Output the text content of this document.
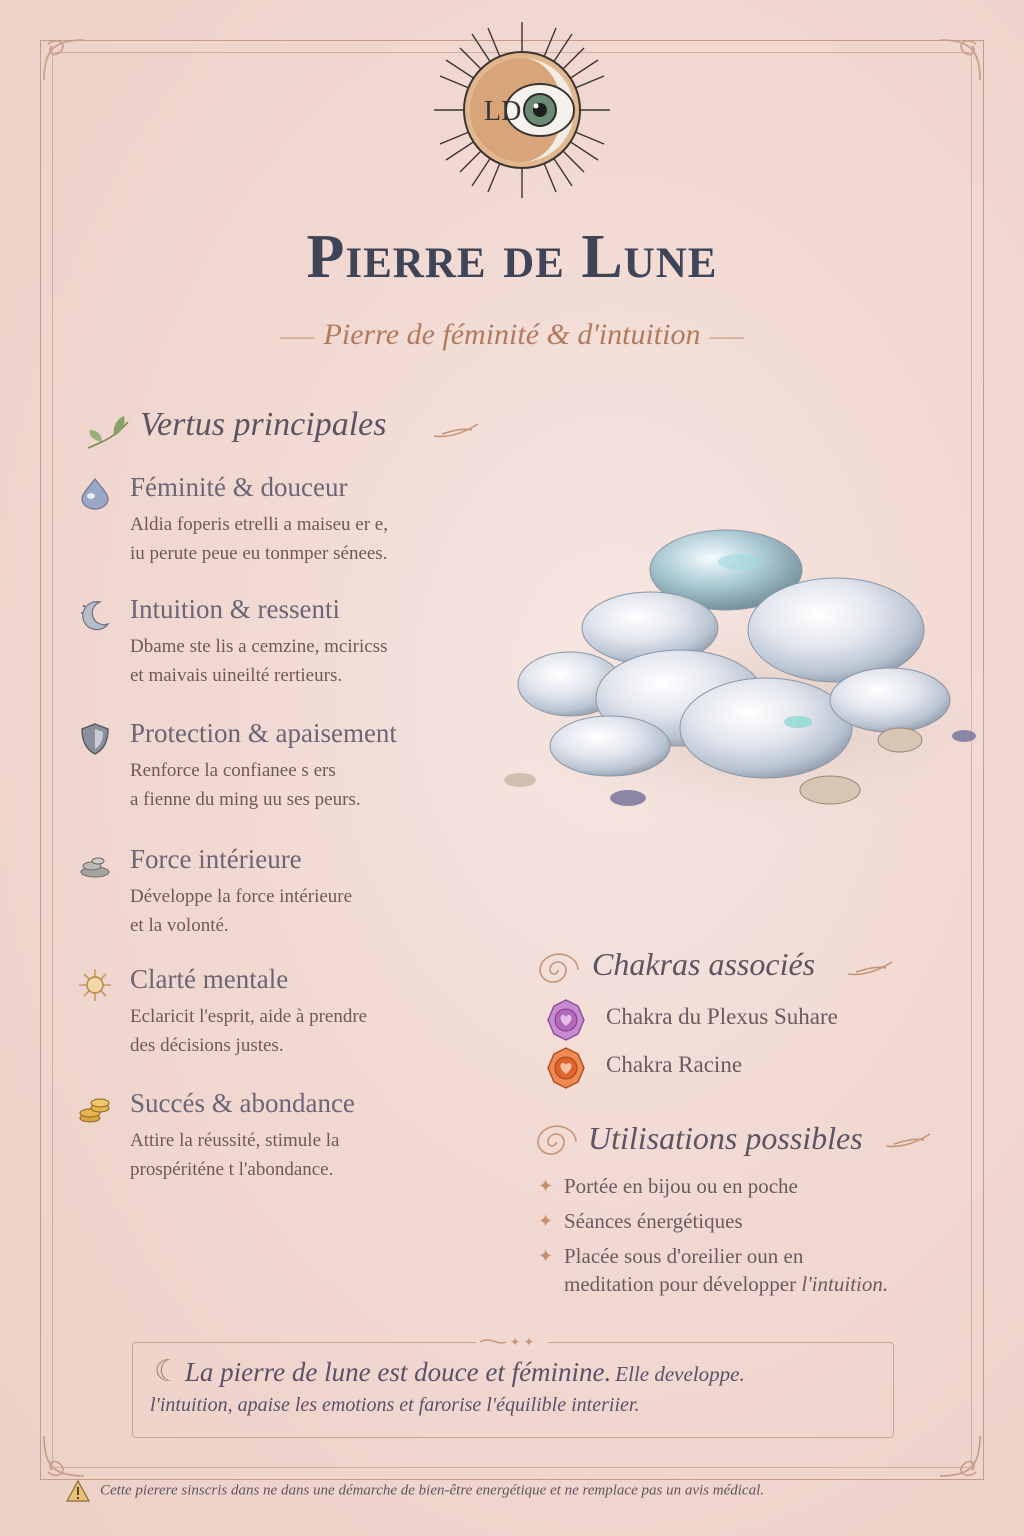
LD
Pierre de Lune
⸺ Pierre de féminité & d'intuition ⸺
Vertus principales
Féminité & douceur
Aldia foperis etrelli a maiseu er e,
iu perute peue eu tonmper sénees.
Intuition & ressenti
Dbame ste lis a cemzine, mciricss
et maivais uineilté rertieurs.
Protection & apaisement
Renforce la confianee s ers
a fienne du ming uu ses peurs.
Force intérieure
Développe la force intérieure
et la volonté.
Clarté mentale
Eclaricit l'esprit, aide à prendre
des décisions justes.
Succés & abondance
Attire la réussité, stimule la
prospériténe t l'abondance.
Chakras associés
Chakra du Plexus Suhare
Chakra Racine
Utilisations possibles
✦ Portée en bijou ou en poche
✦ Séances énergétiques
✦ Placée sous d'oreilier oun en
meditation pour développer l'intuition.
✦ ✦
☾ La pierre de lune est douce et féminine. Elle developpe.
l'intuition, apaise les emotions et farorise l'équilible interiier.
Cette pierere sinscris dans ne dans une démarche de bien-être energétique et ne remplace pas un avis médical.
